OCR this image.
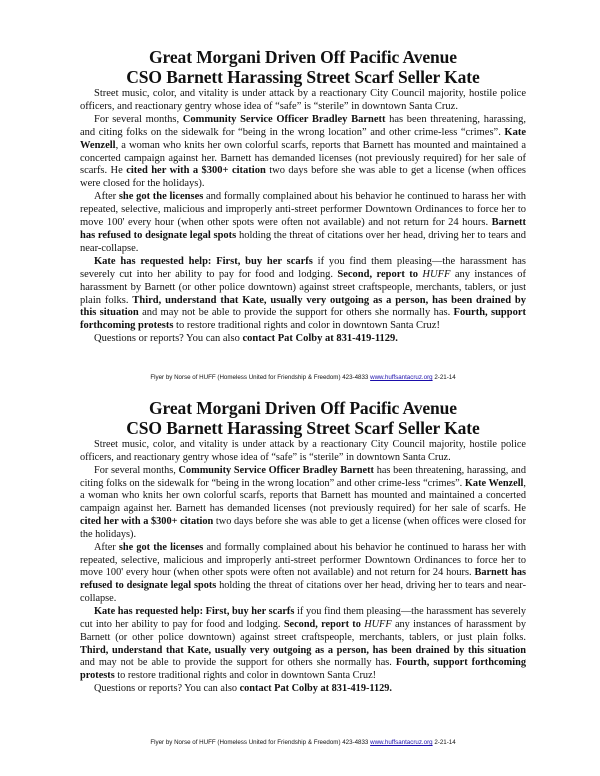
Great Morgani Driven Off Pacific Avenue
CSO Barnett Harassing Street Scarf Seller Kate

Street music, color, and vitality is under attack by a reactionary City Council majority, hostile police officers, and reactionary gentry whose idea of “safe” is “sterile” in downtown Santa Cruz.

For several months, Community Service Officer Bradley Barnett has been threatening, harassing, and citing folks on the sidewalk for “being in the wrong location” and other crime-less “crimes”. Kate Wenzell, a woman who knits her own colorful scarfs, reports that Barnett has mounted and maintained a concerted campaign against her. Barnett has demanded licenses (not previously required) for her sale of scarfs. He cited her with a $300+ citation two days before she was able to get a license (when offices were closed for the holidays).

After she got the licenses and formally complained about his behavior he continued to harass her with repeated, selective, malicious and improperly anti-street performer Downtown Ordinances to force her to move 100' every hour (when other spots were often not available) and not return for 24 hours. Barnett has refused to designate legal spots holding the threat of citations over her head, driving her to tears and near-collapse.

Kate has requested help: First, buy her scarfs if you find them pleasing—the harassment has severely cut into her ability to pay for food and lodging. Second, report to HUFF any instances of harassment by Barnett (or other police downtown) against street craftspeople, merchants, tablers, or just plain folks. Third, understand that Kate, usually very outgoing as a person, has been drained by this situation and may not be able to provide the support for others she normally has. Fourth, support forthcoming protests to restore traditional rights and color in downtown Santa Cruz!

Questions or reports? You can also contact Pat Colby at 831-419-1129.

Flyer by Norse of HUFF (Homeless United for Friendship & Freedom) 423-4833 www.huffsantacruz.org 2-21-14
Great Morgani Driven Off Pacific Avenue
CSO Barnett Harassing Street Scarf Seller Kate

Street music, color, and vitality is under attack by a reactionary City Council majority, hostile police officers, and reactionary gentry whose idea of “safe” is “sterile” in downtown Santa Cruz.

For several months, Community Service Officer Bradley Barnett has been threatening, harassing, and citing folks on the sidewalk for “being in the wrong location” and other crime-less “crimes”. Kate Wenzell, a woman who knits her own colorful scarfs, reports that Barnett has mounted and maintained a concerted campaign against her. Barnett has demanded licenses (not previously required) for her sale of scarfs. He cited her with a $300+ citation two days before she was able to get a license (when offices were closed for the holidays).

After she got the licenses and formally complained about his behavior he continued to harass her with repeated, selective, malicious and improperly anti-street performer Downtown Ordinances to force her to move 100' every hour (when other spots were often not available) and not return for 24 hours. Barnett has refused to designate legal spots holding the threat of citations over her head, driving her to tears and near-collapse.

Kate has requested help: First, buy her scarfs if you find them pleasing—the harassment has severely cut into her ability to pay for food and lodging. Second, report to HUFF any instances of harassment by Barnett (or other police downtown) against street craftspeople, merchants, tablers, or just plain folks. Third, understand that Kate, usually very outgoing as a person, has been drained by this situation and may not be able to provide the support for others she normally has. Fourth, support forthcoming protests to restore traditional rights and color in downtown Santa Cruz!

Questions or reports? You can also contact Pat Colby at 831-419-1129.

Flyer by Norse of HUFF (Homeless United for Friendship & Freedom) 423-4833 www.huffsantacruz.org 2-21-14
